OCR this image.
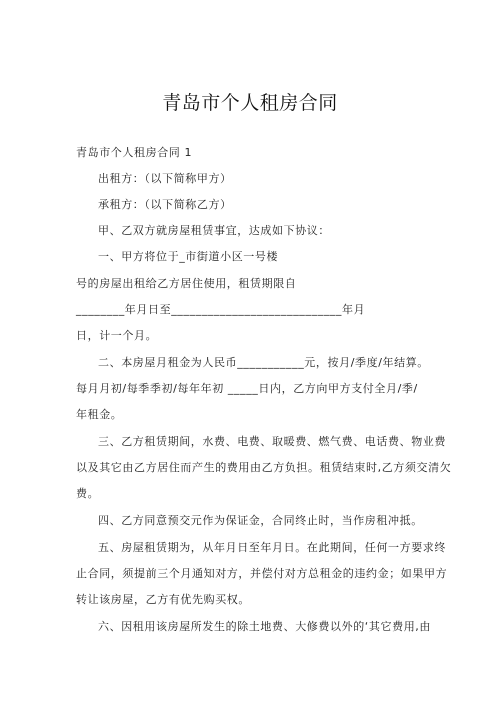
青岛市个人租房合同
青岛市个人租房合同 1
出租方：（以下简称甲方）
承租方：（以下简称乙方）
甲、乙双方就房屋租赁事宜，达成如下协议：
一、甲方将位于_市街道小区一号楼
号的房屋出租给乙方居住使用，租赁期限自
________年月日至____________________________年月
日，计一个月。
二、本房屋月租金为人民币___________元，按月/季度/年结算。
每月月初/每季季初/每年年初 _____日内，乙方向甲方支付全月/季/
年租金。
三、乙方租赁期间，水费、电费、取暖费、燃气费、电话费、物业费
以及其它由乙方居住而产生的费用由乙方负担。租赁结束时,乙方须交清欠
费。
四、乙方同意预交元作为保证金，合同终止时，当作房租冲抵。
五、房屋租赁期为，从年月日至年月日。在此期间，任何一方要求终
止合同，须提前三个月通知对方，并偿付对方总租金的违约金；如果甲方
转让该房屋，乙方有优先购买权。
六、因租用该房屋所发生的除土地费、大修费以外的‘其它费用,由
